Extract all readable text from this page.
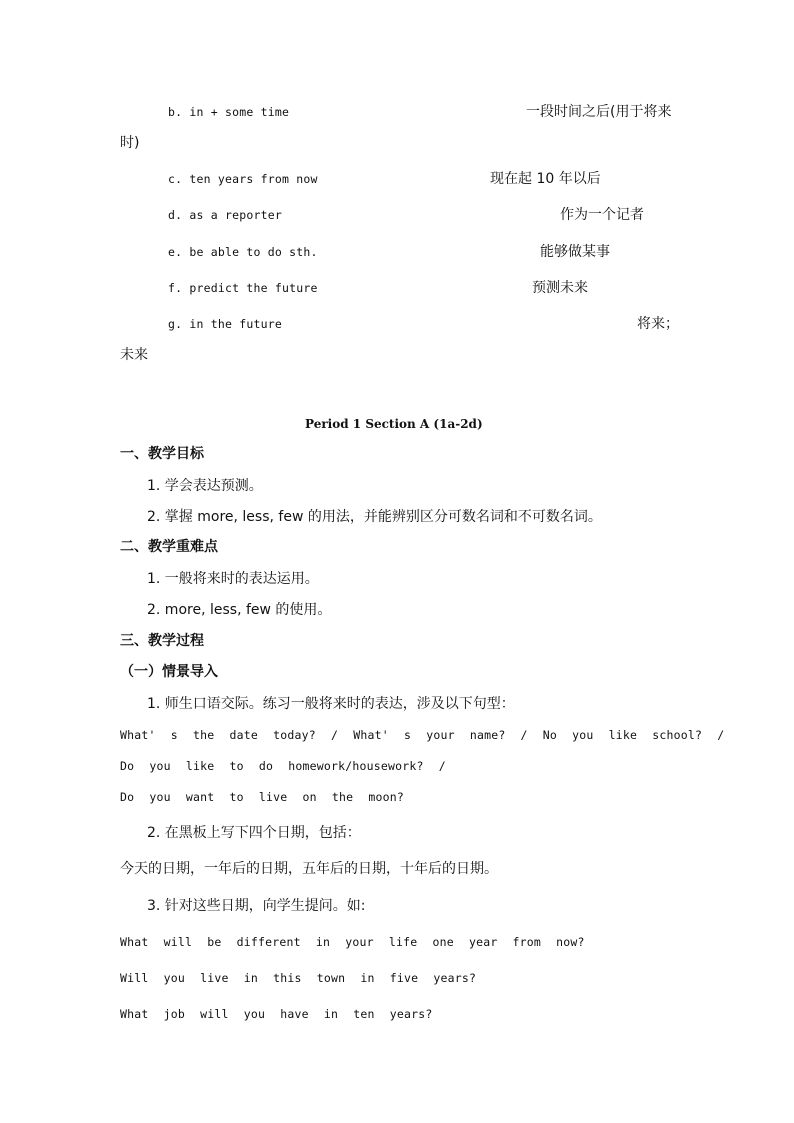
b. in + some time	一段时间之后(用于将来
时)
c. ten years from now	现在起 10 年以后
d. as a reporter	作为一个记者
e. be able to do sth.	能够做某事
f. predict the future	预测未来
g. in the future	将来；
未来
Period 1 Section A (1a-2d)
一、教学目标
1. 学会表达预测。
2. 掌握 more, less, few 的用法，并能辨别区分可数名词和不可数名词。
二、教学重难点
1. 一般将来时的表达运用。
2. more, less, few 的使用。
三、教学过程
（一）情景导入
1. 师生口语交际。练习一般将来时的表达，涉及以下句型：
What' s the date today? / What' s your name? / No you like school? /
Do you like to do homework/housework? /
Do you want to live on the moon?
2. 在黑板上写下四个日期，包括：
今天的日期，一年后的日期，五年后的日期，十年后的日期。
3. 针对这些日期，向学生提问。如:
What will be different in your life one year from now?
Will you live in this town in five years?
What job will you have in ten years?
